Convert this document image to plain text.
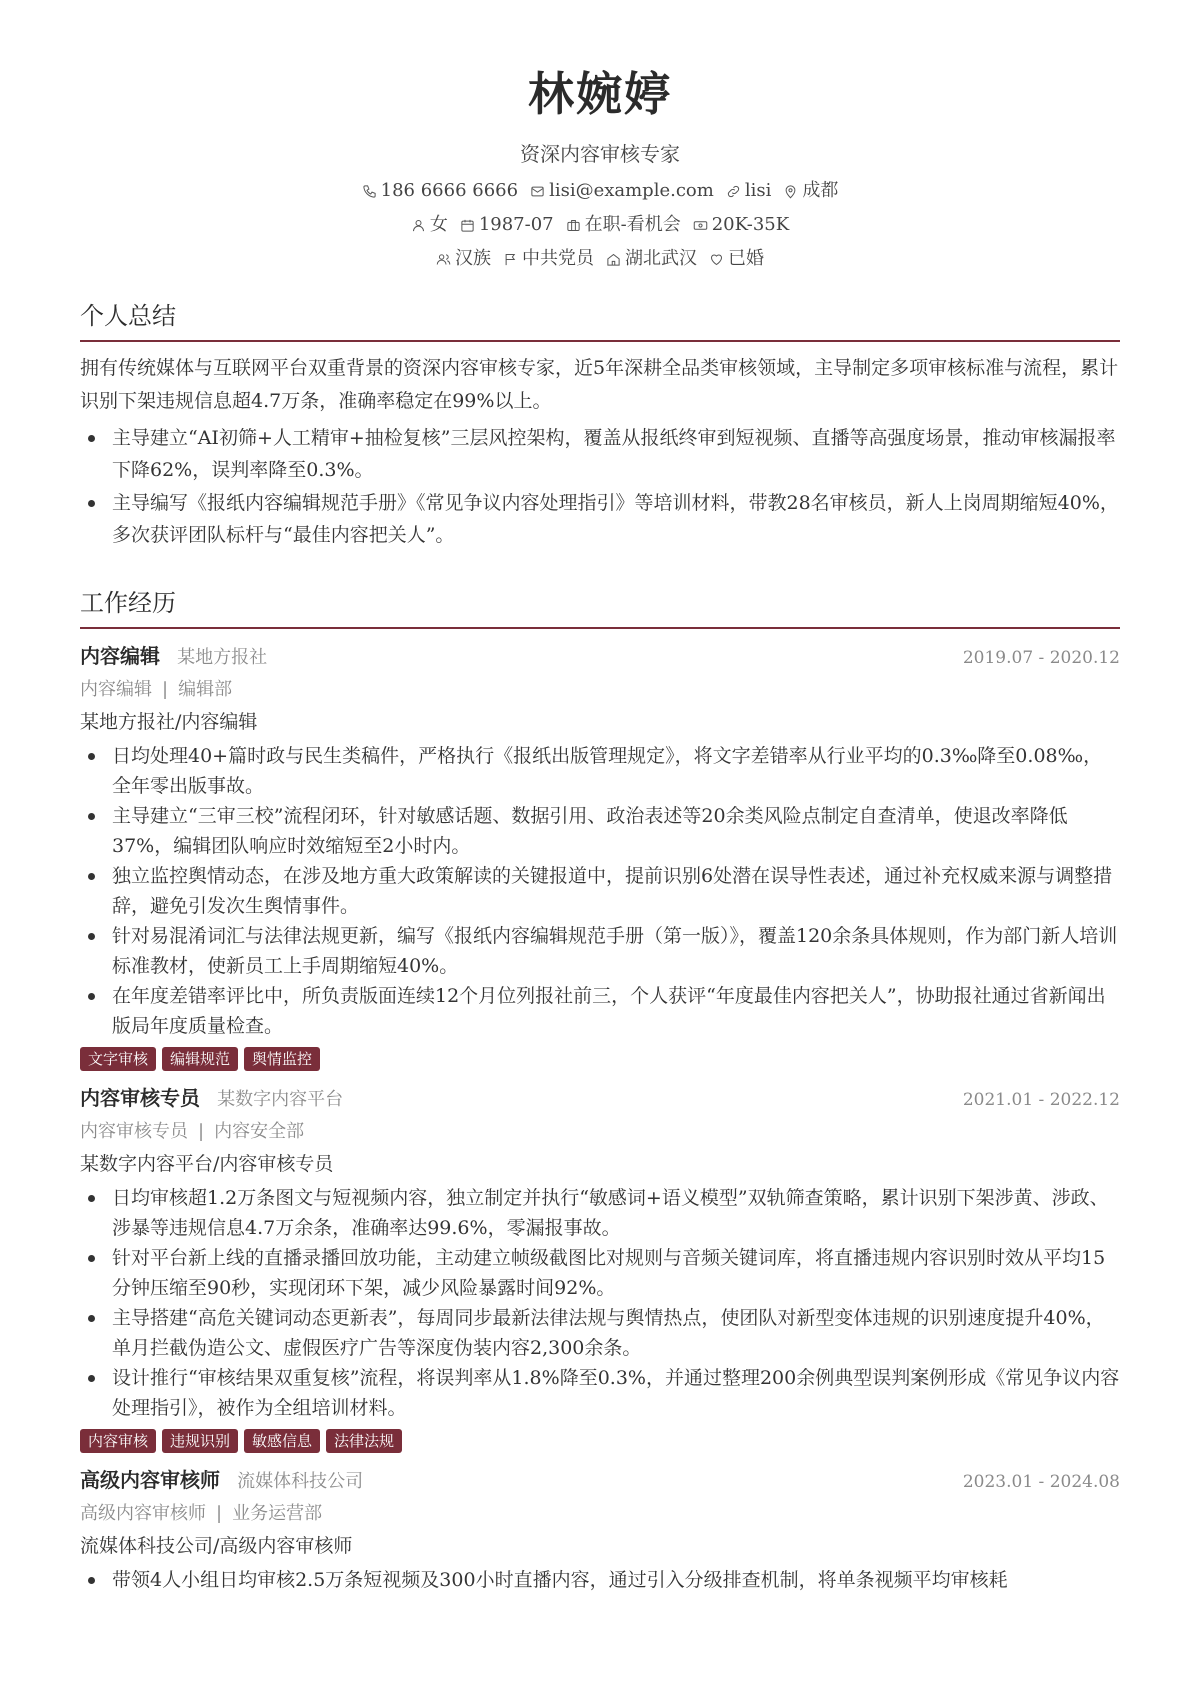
林婉婷
资深内容审核专家
186 6666 6666 lisi@example.com lisi 成都
女 1987-07 在职-看机会 20K-35K
汉族 中共党员 湖北武汉 已婚
个人总结

拥有传统媒体与互联网平台双重背景的资深内容审核专家，近5年深耕全品类审核领域，主导制定多项审核标准与流程，累计识别下架违规信息超4.7万条，准确率稳定在99%以上。

主导建立“AI初筛+人工精审+抽检复核”三层风控架构，覆盖从报纸终审到短视频、直播等高强度场景，推动审核漏报率下降62%，误判率降至0.3%。
主导编写《报纸内容编辑规范手册》《常见争议内容处理指引》等培训材料，带教28名审核员，新人上岗周期缩短40%，多次获评团队标杆与“最佳内容把关人”。
工作经历
内容编辑 某地方报社	2019.07 - 2020.12
内容编辑 | 编辑部
某地方报社/内容编辑
日均处理40+篇时政与民生类稿件，严格执行《报纸出版管理规定》，将文字差错率从行业平均的0.3‰降至0.08‰，全年零出版事故。
主导建立“三审三校”流程闭环，针对敏感话题、数据引用、政治表述等20余类风险点制定自查清单，使退改率降低37%，编辑团队响应时效缩短至2小时内。
独立监控舆情动态，在涉及地方重大政策解读的关键报道中，提前识别6处潜在误导性表述，通过补充权威来源与调整措辞，避免引发次生舆情事件。
针对易混淆词汇与法律法规更新，编写《报纸内容编辑规范手册（第一版）》，覆盖120余条具体规则，作为部门新人培训标准教材，使新员工上手周期缩短40%。
在年度差错率评比中，所负责版面连续12个月位列报社前三，个人获评“年度最佳内容把关人”，协助报社通过省新闻出版局年度质量检查。
文字审核	编辑规范	舆情监控
内容审核专员 某数字内容平台	2021.01 - 2022.12
内容审核专员 | 内容安全部
某数字内容平台/内容审核专员
日均审核超1.2万条图文与短视频内容，独立制定并执行“敏感词+语义模型”双轨筛查策略，累计识别下架涉黄、涉政、涉暴等违规信息4.7万余条，准确率达99.6%，零漏报事故。
针对平台新上线的直播录播回放功能，主动建立帧级截图比对规则与音频关键词库，将直播违规内容识别时效从平均15分钟压缩至90秒，实现闭环下架，减少风险暴露时间92%。
主导搭建“高危关键词动态更新表”，每周同步最新法律法规与舆情热点，使团队对新型变体违规的识别速度提升40%，单月拦截伪造公文、虚假医疗广告等深度伪装内容2,300余条。
设计推行“审核结果双重复核”流程，将误判率从1.8%降至0.3%，并通过整理200余例典型误判案例形成《常见争议内容处理指引》，被作为全组培训材料。
内容审核	违规识别	敏感信息	法律法规
高级内容审核师 流媒体科技公司	2023.01 - 2024.08
高级内容审核师 | 业务运营部
流媒体科技公司/高级内容审核师
带领4人小组日均审核2.5万条短视频及300小时直播内容，通过引入分级排查机制，将单条视频平均审核耗
